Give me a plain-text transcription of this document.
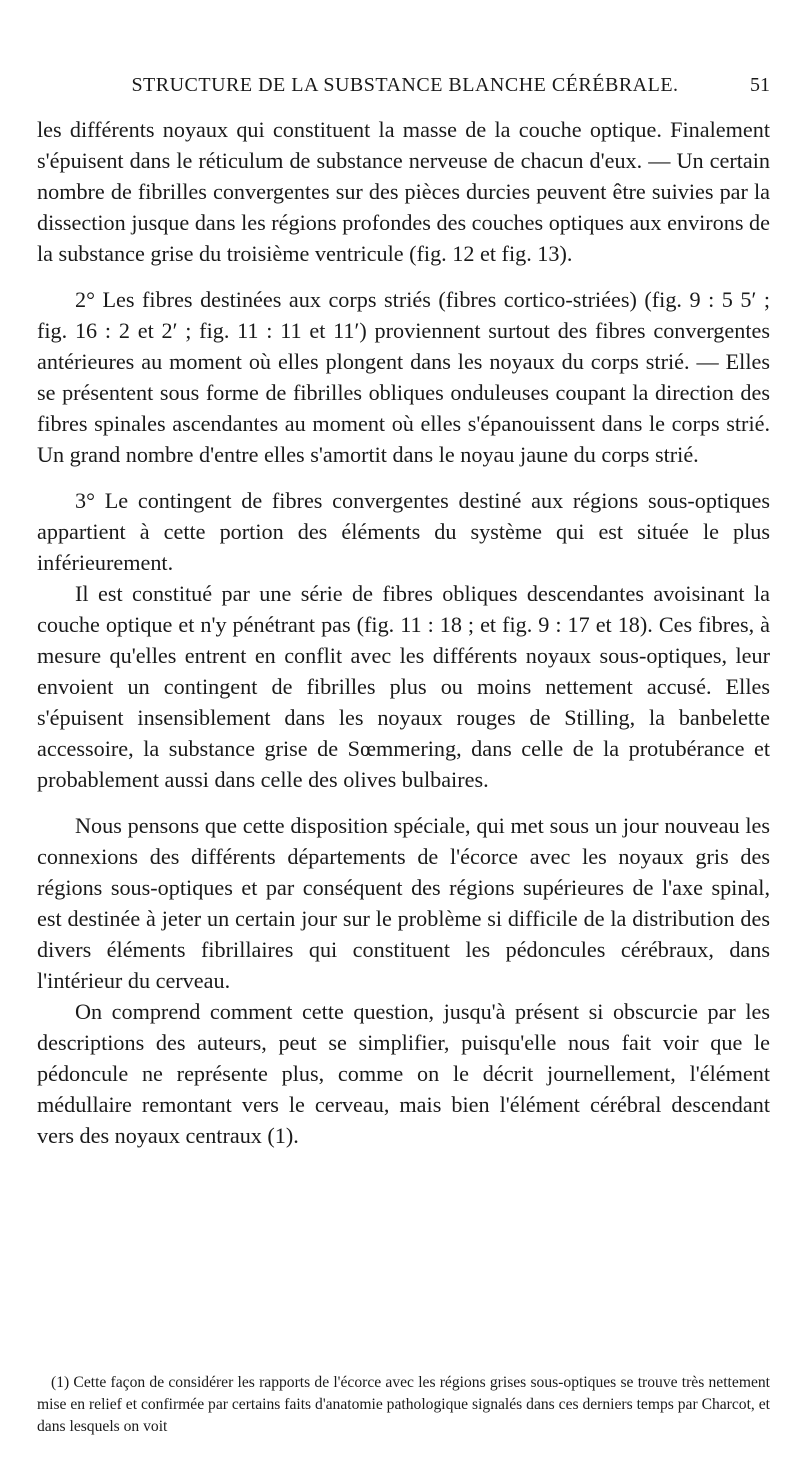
STRUCTURE DE LA SUBSTANCE BLANCHE CÉRÉBRALE.	51

les différents noyaux qui constituent la masse de la couche optique. Finalement s'épuisent dans le réticulum de substance nerveuse de chacun d'eux. — Un certain nombre de fibrilles convergentes sur des pièces durcies peuvent être suivies par la dissection jusque dans les régions profondes des couches optiques aux environs de la substance grise du troisième ventricule (fig. 12 et fig. 13).

2° Les fibres destinées aux corps striés (fibres cortico-striées) (fig. 9 : 5 5′ ; fig. 16 : 2 et 2′ ; fig. 11 : 11 et 11′) proviennent surtout des fibres convergentes antérieures au moment où elles plongent dans les noyaux du corps strié. — Elles se présentent sous forme de fibrilles obliques onduleuses coupant la direction des fibres spinales ascendantes au moment où elles s'épanouissent dans le corps strié. Un grand nombre d'entre elles s'amortit dans le noyau jaune du corps strié.

3° Le contingent de fibres convergentes destiné aux régions sous-optiques appartient à cette portion des éléments du système qui est située le plus inférieurement.

Il est constitué par une série de fibres obliques descendantes avoisinant la couche optique et n'y pénétrant pas (fig. 11 : 18 ; et fig. 9 : 17 et 18). Ces fibres, à mesure qu'elles entrent en conflit avec les différents noyaux sous-optiques, leur envoient un contingent de fibrilles plus ou moins nettement accusé. Elles s'épuisent insensiblement dans les noyaux rouges de Stilling, la banbelette accessoire, la substance grise de Sœmmering, dans celle de la protubérance et probablement aussi dans celle des olives bulbaires.

Nous pensons que cette disposition spéciale, qui met sous un jour nouveau les connexions des différents départements de l'écorce avec les noyaux gris des régions sous-optiques et par conséquent des régions supérieures de l'axe spinal, est destinée à jeter un certain jour sur le problème si difficile de la distribution des divers éléments fibrillaires qui constituent les pédoncules cérébraux, dans l'intérieur du cerveau.

On comprend comment cette question, jusqu'à présent si obscurcie par les descriptions des auteurs, peut se simplifier, puisqu'elle nous fait voir que le pédoncule ne représente plus, comme on le décrit journellement, l'élément médullaire remontant vers le cerveau, mais bien l'élément cérébral descendant vers des noyaux centraux (1).

(1) Cette façon de considérer les rapports de l'écorce avec les régions grises sous-optiques se trouve très nettement mise en relief et confirmée par certains faits d'anatomie pathologique signalés dans ces derniers temps par Charcot, et dans lesquels on voit
